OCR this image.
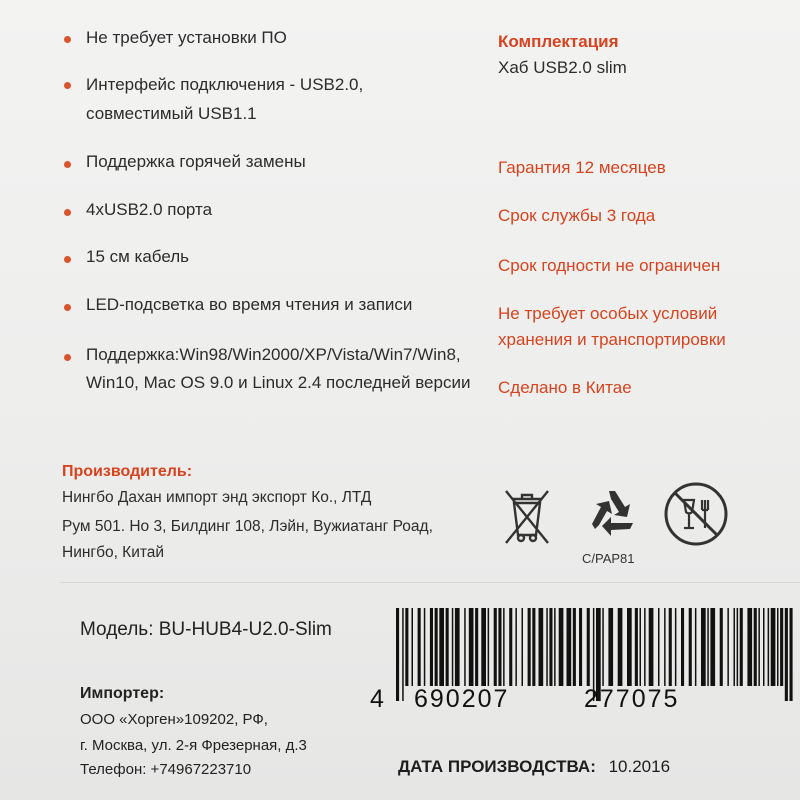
Не требует установки ПО
Интерфейс подключения - USB2.0,
совместимый USB1.1
Поддержка горячей замены
4xUSB2.0 порта
15 см кабель
LED-подсветка во время чтения и записи
Поддержка:Win98/Win2000/XP/Vista/Win7/Win8,
Win10, Mac OS 9.0 и Linux 2.4 последней версии
Комплектация
Хаб USB2.0 slim
Гарантия 12 месяцев
Срок службы 3 года
Срок годности не ограничен
Не требует особых условий
хранения и транспортировки
Сделано в Китае
Производитель:
Нингбо Дахан импорт энд экспорт Ко., ЛТД
Рум 501. Но 3, Билдинг 108, Лэйн, Вужиатанг Роад,
Нингбо, Китай	C/PAP81
Модель: BU-HUB4-U2.0-Slim
Импортер:
ООО «Хорген»109202, РФ,
г. Москва, ул. 2-я Фрезерная, д.3
Телефон: +74967223710
4 690207	277075
ДАТА ПРОИЗВОДСТВА: 10.2016
